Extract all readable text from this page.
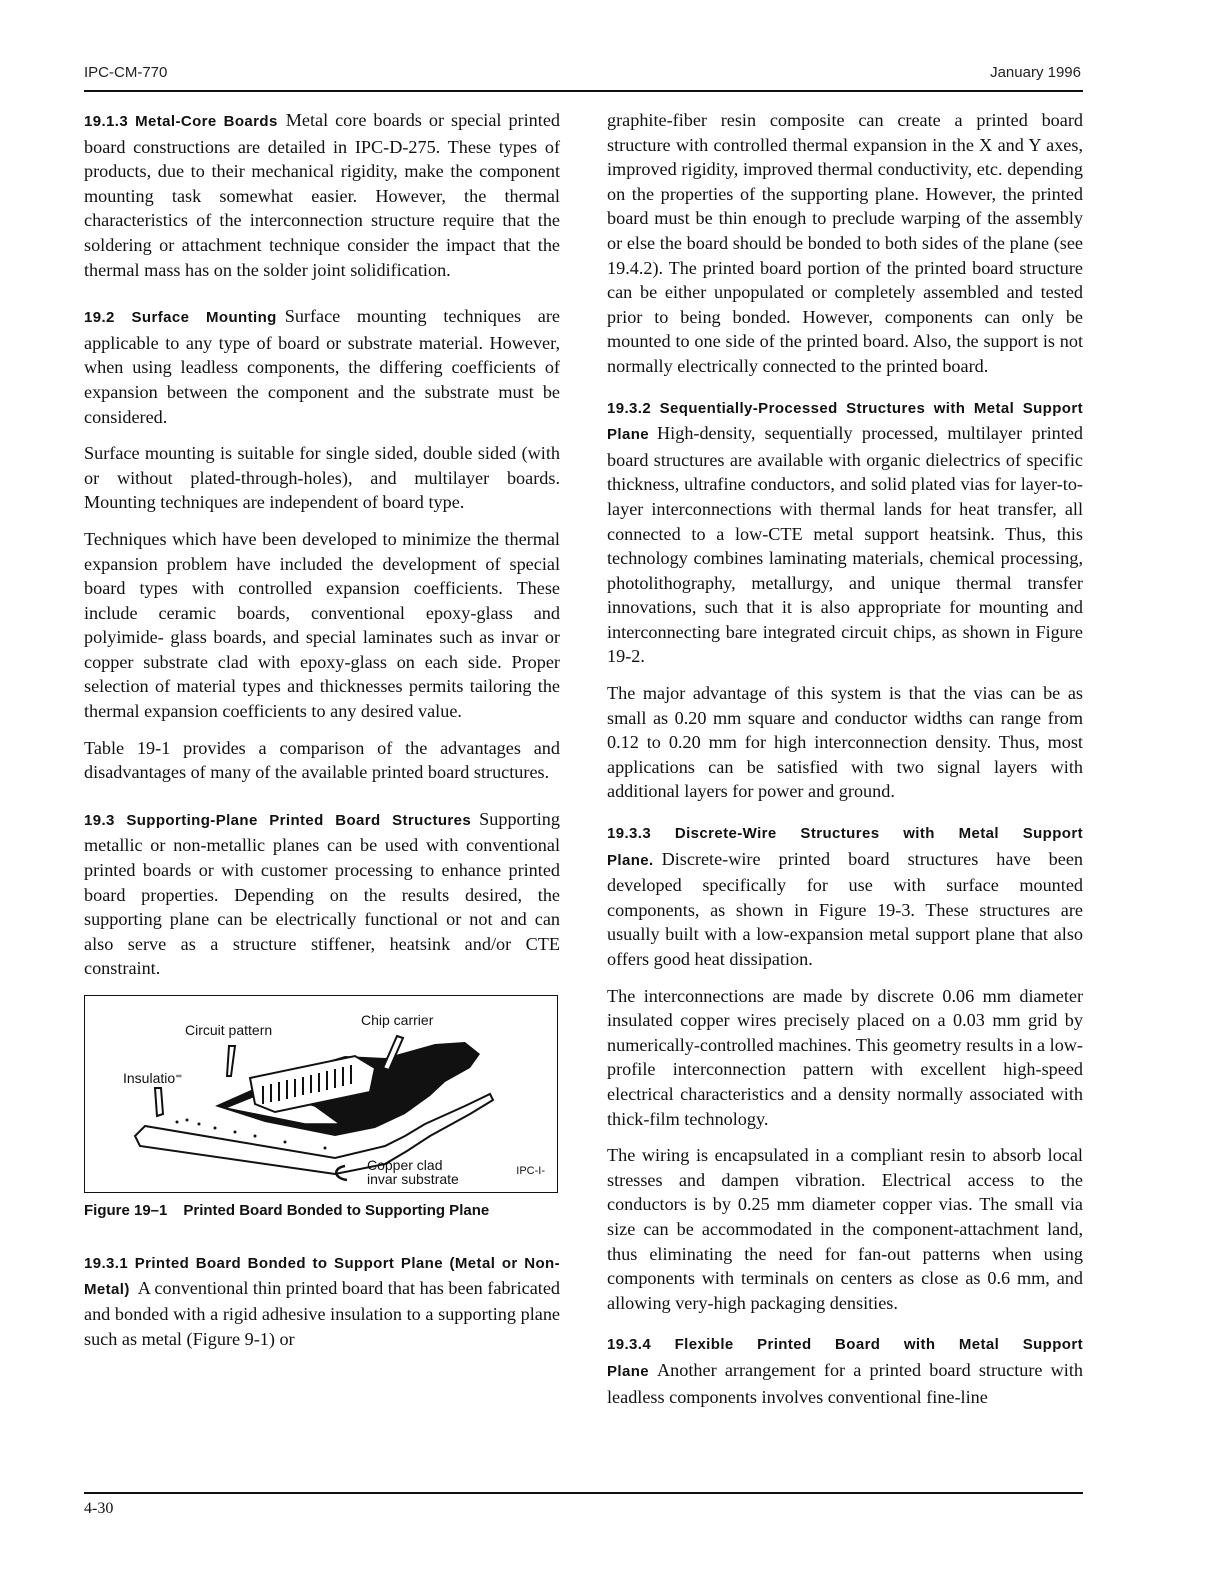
IPC-CM-770	January 1996

19.1.3 Metal-Core Boards Metal core boards or special printed board constructions are detailed in IPC-D-275. These types of products, due to their mechanical rigidity, make the component mounting task somewhat easier. However, the thermal characteristics of the interconnection structure require that the soldering or attachment technique consider the impact that the thermal mass has on the solder joint solidification.

19.2 Surface Mounting Surface mounting techniques are applicable to any type of board or substrate material. However, when using leadless components, the differing coefficients of expansion between the component and the substrate must be considered.

Surface mounting is suitable for single sided, double sided (with or without plated-through-holes), and multilayer boards. Mounting techniques are independent of board type.

Techniques which have been developed to minimize the thermal expansion problem have included the development of special board types with controlled expansion coefficients. These include ceramic boards, conventional epoxy-glass and polyimide- glass boards, and special laminates such as invar or copper substrate clad with epoxy-glass on each side. Proper selection of material types and thicknesses permits tailoring the thermal expansion coefficients to any desired value.

Table 19-1 provides a comparison of the advantages and disadvantages of many of the available printed board structures.

19.3 Supporting-Plane Printed Board Structures Supporting metallic or non-metallic planes can be used with conventional printed boards or with customer processing to enhance printed board properties. Depending on the results desired, the supporting plane can be electrically functional or not and can also serve as a structure stiffener, heatsink and/or CTE constraint.

Circuit pattern
Chip carrier
Insulatio⁼
Copper clad
invar substrate	IPC-I-
Figure 19–1 Printed Board Bonded to Supporting Plane

19.3.1 Printed Board Bonded to Support Plane (Metal or Non-Metal) A conventional thin printed board that has been fabricated and bonded with a rigid adhesive insulation to a supporting plane such as metal (Figure 9-1) or

graphite-fiber resin composite can create a printed board structure with controlled thermal expansion in the X and Y axes, improved rigidity, improved thermal conductivity, etc. depending on the properties of the supporting plane. However, the printed board must be thin enough to preclude warping of the assembly or else the board should be bonded to both sides of the plane (see 19.4.2). The printed board portion of the printed board structure can be either unpopulated or completely assembled and tested prior to being bonded. However, components can only be mounted to one side of the printed board. Also, the support is not normally electrically connected to the printed board.

19.3.2 Sequentially-Processed Structures with Metal Support Plane High-density, sequentially processed, multilayer printed board structures are available with organic dielectrics of specific thickness, ultrafine conductors, and solid plated vias for layer-to-layer interconnections with thermal lands for heat transfer, all connected to a low-CTE metal support heatsink. Thus, this technology combines laminating materials, chemical processing, photolithography, metallurgy, and unique thermal transfer innovations, such that it is also appropriate for mounting and interconnecting bare integrated circuit chips, as shown in Figure 19-2.

The major advantage of this system is that the vias can be as small as 0.20 mm square and conductor widths can range from 0.12 to 0.20 mm for high interconnection density. Thus, most applications can be satisfied with two signal layers with additional layers for power and ground.

19.3.3 Discrete-Wire Structures with Metal Support Plane. Discrete-wire printed board structures have been developed specifically for use with surface mounted components, as shown in Figure 19-3. These structures are usually built with a low-expansion metal support plane that also offers good heat dissipation.

The interconnections are made by discrete 0.06 mm diameter insulated copper wires precisely placed on a 0.03 mm grid by numerically-controlled machines. This geometry results in a low-profile interconnection pattern with excellent high-speed electrical characteristics and a density normally associated with thick-film technology.

The wiring is encapsulated in a compliant resin to absorb local stresses and dampen vibration. Electrical access to the conductors is by 0.25 mm diameter copper vias. The small via size can be accommodated in the component-attachment land, thus eliminating the need for fan-out patterns when using components with terminals on centers as close as 0.6 mm, and allowing very-high packaging densities.

19.3.4 Flexible Printed Board with Metal Support Plane Another arrangement for a printed board structure with leadless components involves conventional fine-line

4-30
